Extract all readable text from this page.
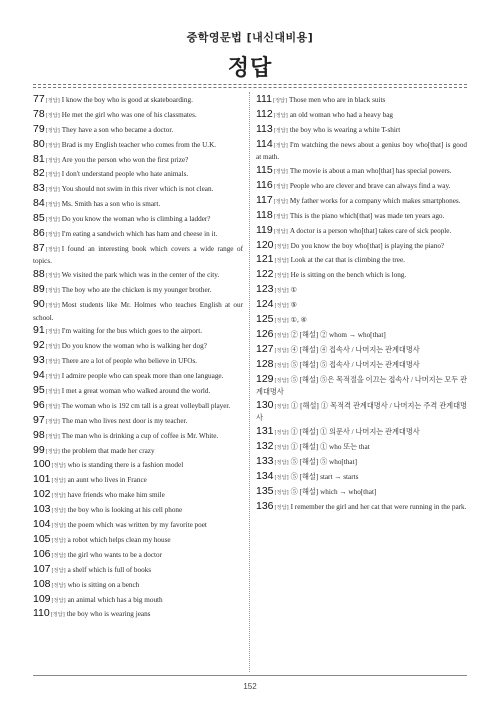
중학영문법 [내신대비용]
정답
77[정답] I know the boy who is good at skateboarding.
78[정답] He met the girl who was one of his classmates.
79[정답] They have a son who became a doctor.
80[정답] Brad is my English teacher who comes from the U.K.
81[정답] Are you the person who won the first prize?
82[정답] I don't understand people who hate animals.
83[정답] You should not swim in this river which is not clean.
84[정답] Ms. Smith has a son who is smart.
85[정답] Do you know the woman who is climbing a ladder?
86[정답] I'm eating a sandwich which has ham and cheese in it.
87[정답] I found an interesting book which covers a wide range of topics.
88[정답] We visited the park which was in the center of the city.
89[정답] The boy who ate the chicken is my younger brother.
90[정답] Most students like Mr. Holmes who teaches English at our school.
91[정답] I'm waiting for the bus which goes to the airport.
92[정답] Do you know the woman who is walking her dog?
93[정답] There are a lot of people who believe in UFOs.
94[정답] I admire people who can speak more than one language.
95[정답] I met a great woman who walked around the world.
96[정답] The woman who is 192 cm tall is a great volleyball player.
97[정답] The man who lives next door is my teacher.
98[정답] The man who is drinking a cup of coffee is Mr. White.
99[정답] the problem that made her crazy
100[정답] who is standing there is a fashion model
101[정답] an aunt who lives in France
102[정답] have friends who make him smile
103[정답] the boy who is looking at his cell phone
104[정답] the poem which was written by my favorite poet
105[정답] a robot which helps clean my house
106[정답] the girl who wants to be a doctor
107[정답] a shelf which is full of books
108[정답] who is sitting on a bench
109[정답] an animal which has a big mouth
110[정답] the boy who is wearing jeans
111[정답] Those men who are in black suits
112[정답] an old woman who had a heavy bag
113[정답] the boy who is wearing a white T-shirt
114[정답] I'm watching the news about a genius boy who[that] is good at math.
115[정답] The movie is about a man who[that] has special powers.
116[정답] People who are clever and brave can always find a way.
117[정답] My father works for a company which makes smartphones.
118[정답] This is the piano which[that] was made ten years ago.
119[정답] A doctor is a person who[that] takes care of sick people.
120[정답] Do you know the boy who[that] is playing the piano?
121[정답] Look at the cat that is climbing the tree.
122[정답] He is sitting on the bench which is long.
123[정답] ①
124[정답] ⑤
125[정답] ①, ④
126[정답] ② [해설] ② whom → who[that]
127[정답] ④ [해설] ④ 접속사 / 나머지는 관계대명사
128[정답] ⑤ [해설] ⑤ 접속사 / 나머지는 관계대명사
129[정답] ⑤ [해설] ⑤은 목적절을 이끄는 접속사 / 나머지는 모두 관계대명사
130[정답] ① [해설] ① 목적격 관계대명사 / 나머지는 주격 관계대명사
131[정답] ① [해설] ① 의문사 / 나머지는 관계대명사
132[정답] ① [해설] ① who 또는 that
133[정답] ⑤ [해설] ⑤ who[that]
134[정답] ⑤ [해설] start → starts
135[정답] ⑤ [해설] which → who[that]
136[정답] I remember the girl and her cat that were running in the park.
152
